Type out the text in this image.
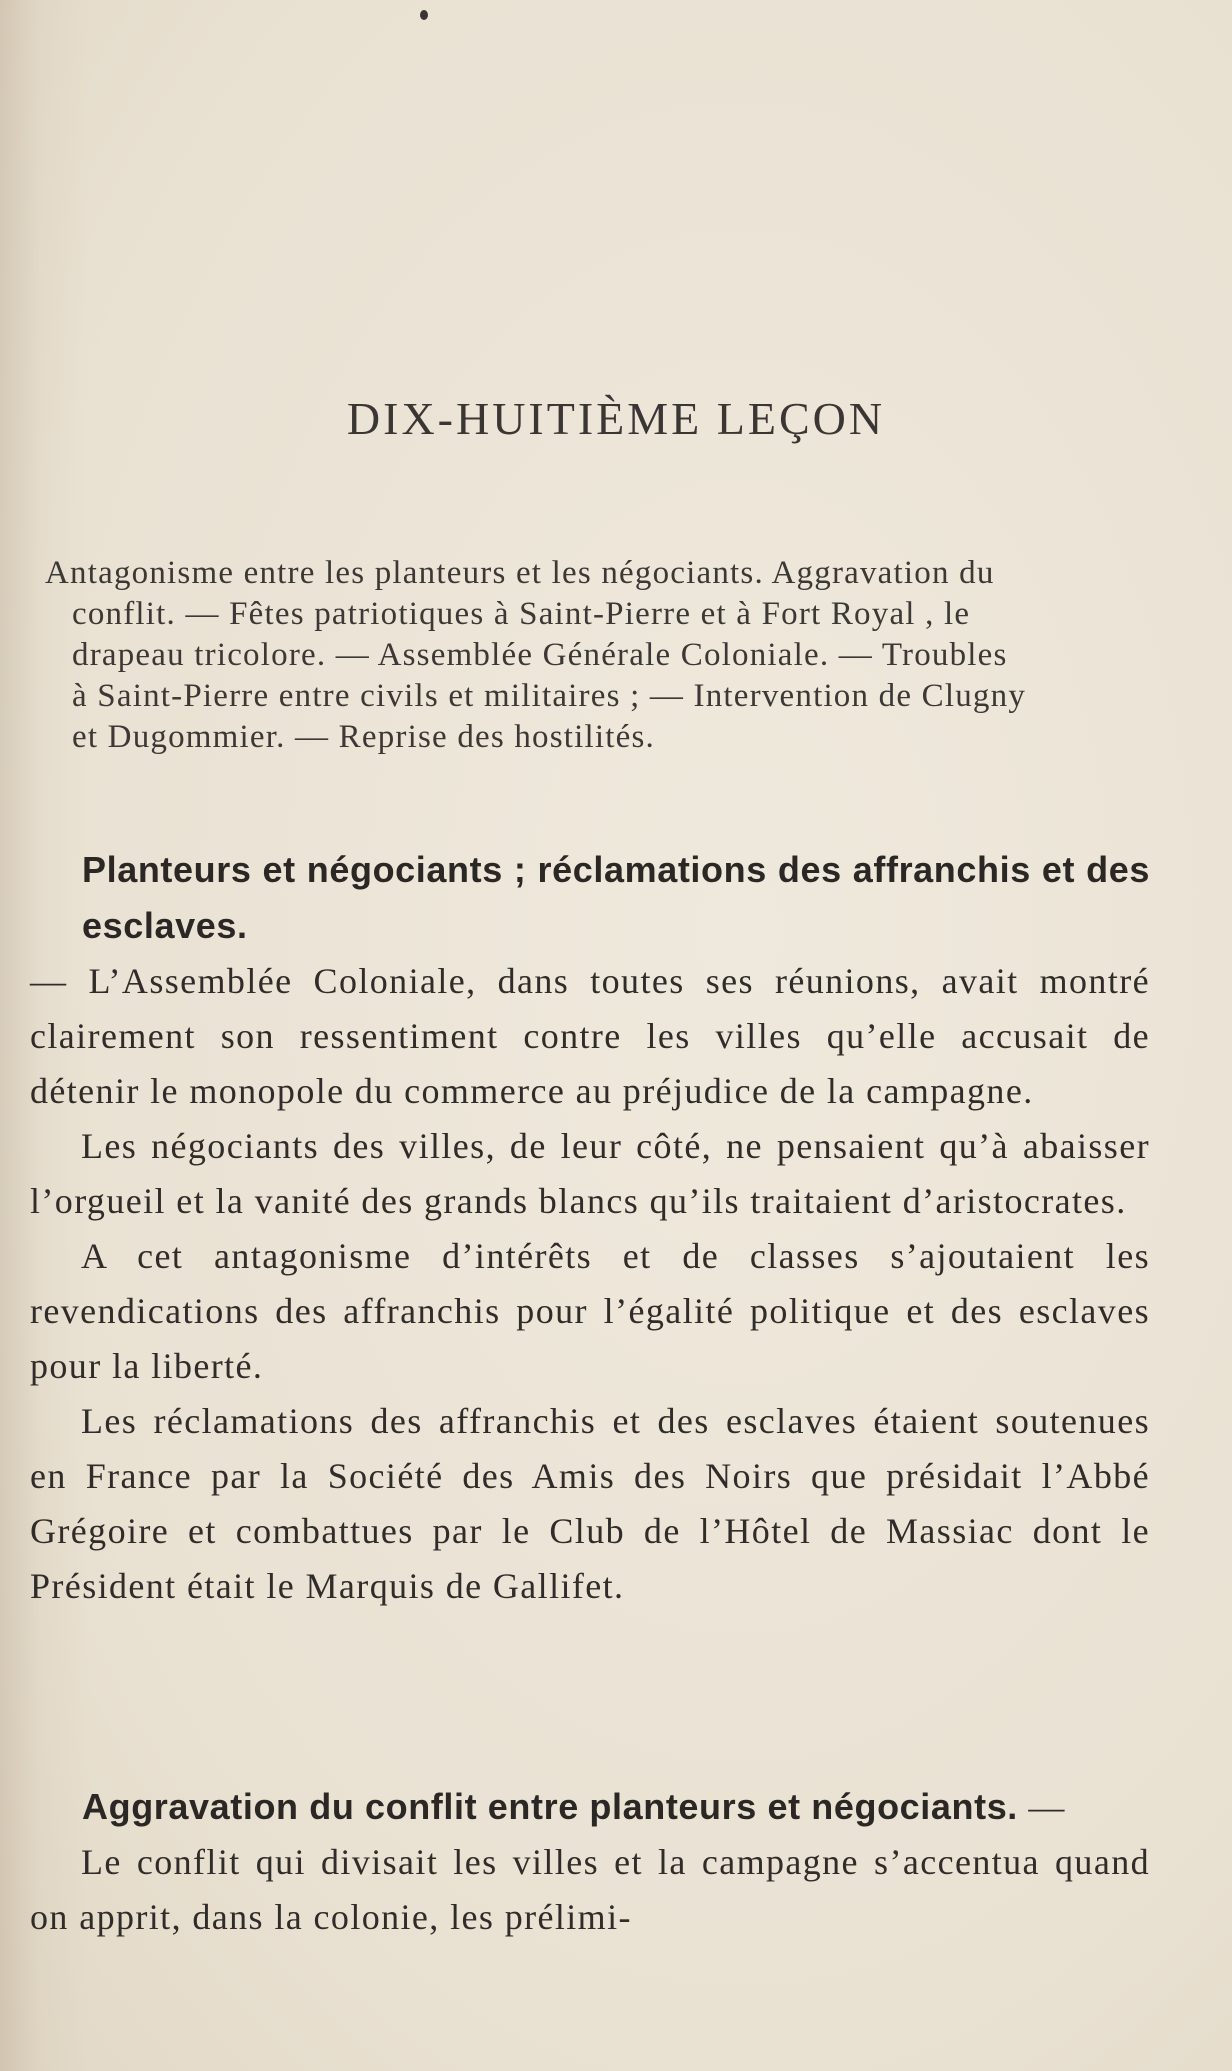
DIX-HUITIÈME LEÇON
Antagonisme entre les planteurs et les négociants. Aggravation du
conflit. — Fêtes patriotiques à Saint-Pierre et à Fort Royal , le
drapeau tricolore. — Assemblée Générale Coloniale. — Troubles
à Saint-Pierre entre civils et militaires ; — Intervention de Clugny
et Dugommier. — Reprise des hostilités.

Planteurs et négociants ; réclamations des affranchis et des esclaves.
— L’Assemblée Coloniale, dans toutes ses réunions, avait montré clairement son ressentiment contre les villes qu’elle accusait de détenir le monopole du commerce au préjudice de la campagne.

Les négociants des villes, de leur côté, ne pensaient qu’à abaisser l’orgueil et la vanité des grands blancs qu’ils traitaient d’aristocrates.

A cet antagonisme d’intérêts et de classes s’ajoutaient les revendications des affranchis pour l’égalité politique et des esclaves pour la liberté.

Les réclamations des affranchis et des esclaves étaient soutenues en France par la Société des Amis des Noirs que présidait l’Abbé Grégoire et combattues par le Club de l’Hôtel de Massiac dont le Président était le Marquis de Gallifet.

Aggravation du conflit entre planteurs et négociants. —

Le conflit qui divisait les villes et la campagne s’accentua quand on apprit, dans la colonie, les prélimi-
